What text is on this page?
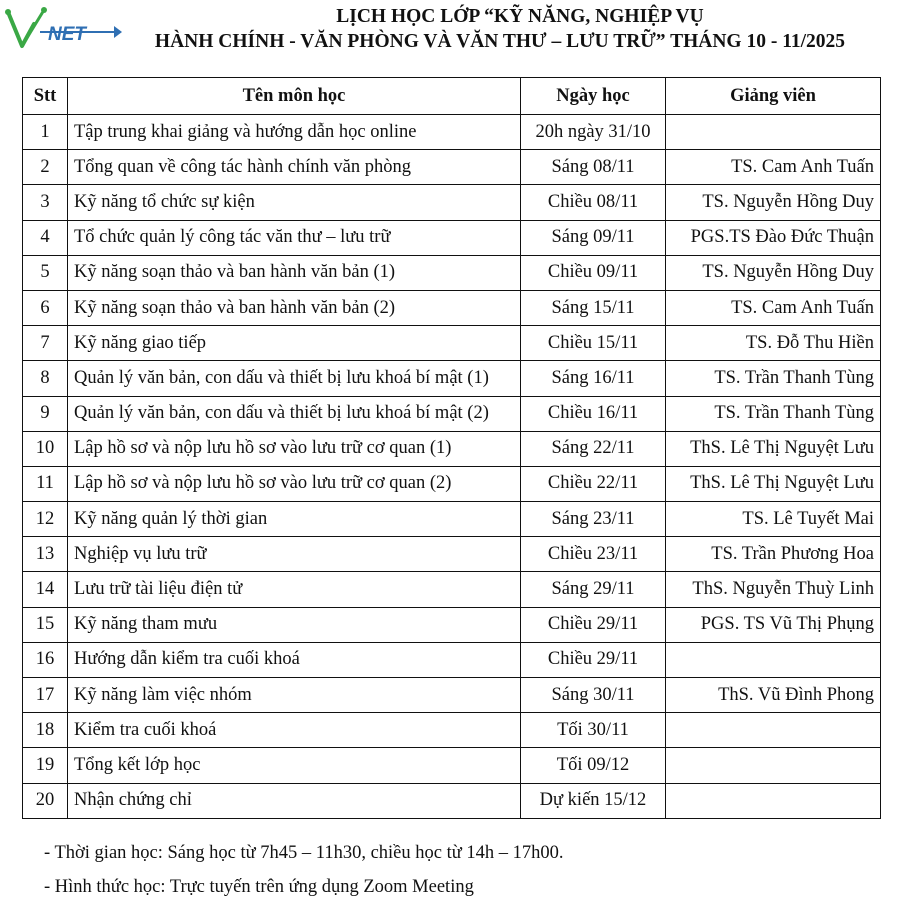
NET
LỊCH HỌC LỚP “KỸ NĂNG, NGHIỆP VỤ
HÀNH CHÍNH - VĂN PHÒNG VÀ VĂN THƯ – LƯU TRỮ” THÁNG 10 - 11/2025
Stt	Tên môn học	Ngày học	Giảng viên
1	Tập trung khai giảng và hướng dẫn học online	20h ngày 31/10	
2	Tổng quan về công tác hành chính văn phòng	Sáng 08/11	TS. Cam Anh Tuấn
3	Kỹ năng tổ chức sự kiện	Chiều 08/11	TS. Nguyễn Hồng Duy
4	Tổ chức quản lý công tác văn thư – lưu trữ	Sáng 09/11	PGS.TS Đào Đức Thuận
5	Kỹ năng soạn thảo và ban hành văn bản (1)	Chiều 09/11	TS. Nguyễn Hồng Duy
6	Kỹ năng soạn thảo và ban hành văn bản (2)	Sáng 15/11	TS. Cam Anh Tuấn
7	Kỹ năng giao tiếp	Chiều 15/11	TS. Đỗ Thu Hiền
8	Quản lý văn bản, con dấu và thiết bị lưu khoá bí mật (1)	Sáng 16/11	TS. Trần Thanh Tùng
9	Quản lý văn bản, con dấu và thiết bị lưu khoá bí mật (2)	Chiều 16/11	TS. Trần Thanh Tùng
10	Lập hồ sơ và nộp lưu hồ sơ vào lưu trữ cơ quan (1)	Sáng 22/11	ThS. Lê Thị Nguyệt Lưu
11	Lập hồ sơ và nộp lưu hồ sơ vào lưu trữ cơ quan (2)	Chiều 22/11	ThS. Lê Thị Nguyệt Lưu
12	Kỹ năng quản lý thời gian	Sáng 23/11	TS. Lê Tuyết Mai
13	Nghiệp vụ lưu trữ	Chiều 23/11	TS. Trần Phương Hoa
14	Lưu trữ tài liệu điện tử	Sáng 29/11	ThS. Nguyễn Thuỳ Linh
15	Kỹ năng tham mưu	Chiều 29/11	PGS. TS Vũ Thị Phụng
16	Hướng dẫn kiểm tra cuối khoá	Chiều 29/11	
17	Kỹ năng làm việc nhóm	Sáng 30/11	ThS. Vũ Đình Phong
18	Kiểm tra cuối khoá	Tối 30/11	
19	Tổng kết lớp học	Tối 09/12	
20	Nhận chứng chỉ	Dự kiến 15/12	
- Thời gian học: Sáng học từ 7h45 – 11h30, chiều học từ 14h – 17h00.
- Hình thức học: Trực tuyến trên ứng dụng Zoom Meeting
